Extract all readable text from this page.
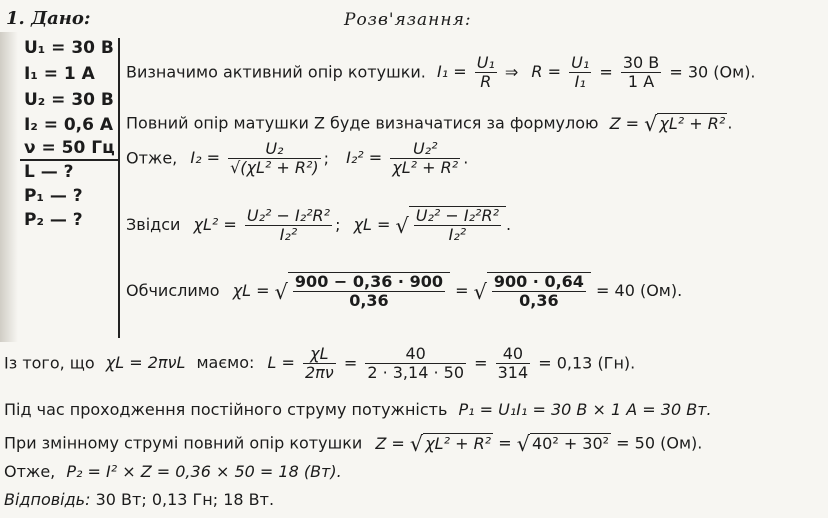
1. Дано:	Розв'язання:
U₁ = 30 В
I₁ = 1 А
U₂ = 30 В
I₂ = 0,6 А
ν = 50 Гц
L — ?
P₁ — ?
P₂ — ?
Визначимо активний опір котушки. $I_1 = \frac{\text{U₁}}{R}$ ⇒ $R = \frac{\text{U₁}}{\text{I₁}} = \frac{30 В}{1 А} = 30$ (Ом).
Повний опір матушки Z буде визначатися за формулою Z = √ χL² + R² .
Отже, $I_2 = \frac{\text{U₂}}{\text{√(χL² + R²)}}$ ; $I_2^2 = \frac{\text{U₂²}}{\text{χL² + R²}}$ .
Звідси $\chi L^2 = \frac{\text{U₂² − I₂²R²}}{\text{I₂²}}$ ; χL = √ $\frac{\text{U₂² − I₂²R²}}{\text{I₂²}}$ .
Обчислимо χL = √ $\frac{900 - 0,36 \cdot 900}{0,36}$ = √ $\frac{900 \cdot 0,64}{0,36} = 40$ (Ом).
Із того, що χL = 2πνL маємо: $L = \frac{\chi L}{2\pi\nu} = \frac{40}{2 \cdot 3,14 \cdot 50} = \frac{40}{314} = 0,13$ (Гн).
Під час проходження постійного струму потужність P₁ = U₁I₁ = 30 В × 1 А = 30 Вт.
При змінному струмі повний опір котушки Z = √ χL² + R² = √ 40² + 30² = 50 (Ом).
Отже, P₂ = I² × Z = 0,36 × 50 = 18 (Вт).
Відповідь: 30 Вт; 0,13 Гн; 18 Вт.
